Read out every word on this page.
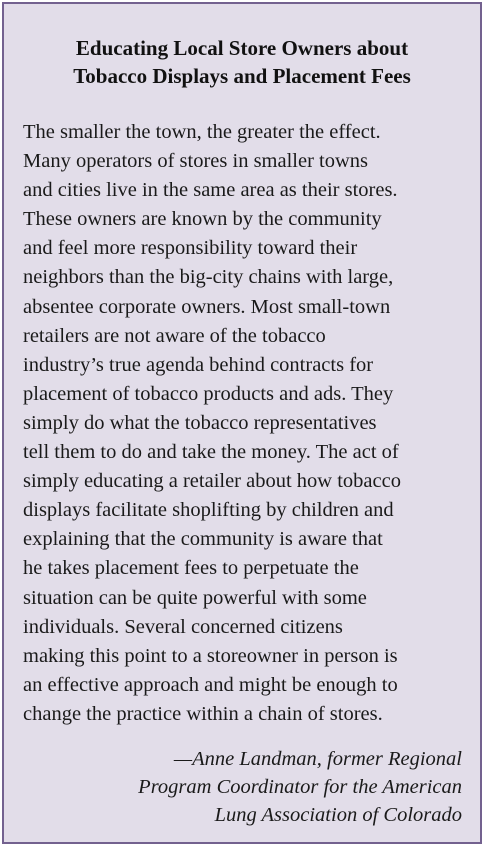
Educating Local Store Owners about
Tobacco Displays and Placement Fees
The smaller the town, the greater the effect.
Many operators of stores in smaller towns
and cities live in the same area as their stores.
These owners are known by the community
and feel more responsibility toward their
neighbors than the big-city chains with large,
absentee corporate owners. Most small-town
retailers are not aware of the tobacco
industry’s true agenda behind contracts for
placement of tobacco products and ads. They
simply do what the tobacco representatives
tell them to do and take the money. The act of
simply educating a retailer about how tobacco
displays facilitate shoplifting by children and
explaining that the community is aware that
he takes placement fees to perpetuate the
situation can be quite powerful with some
individuals. Several concerned citizens
making this point to a storeowner in person is
an effective approach and might be enough to
change the practice within a chain of stores.
—Anne Landman, former Regional
Program Coordinator for the American
Lung Association of Colorado
